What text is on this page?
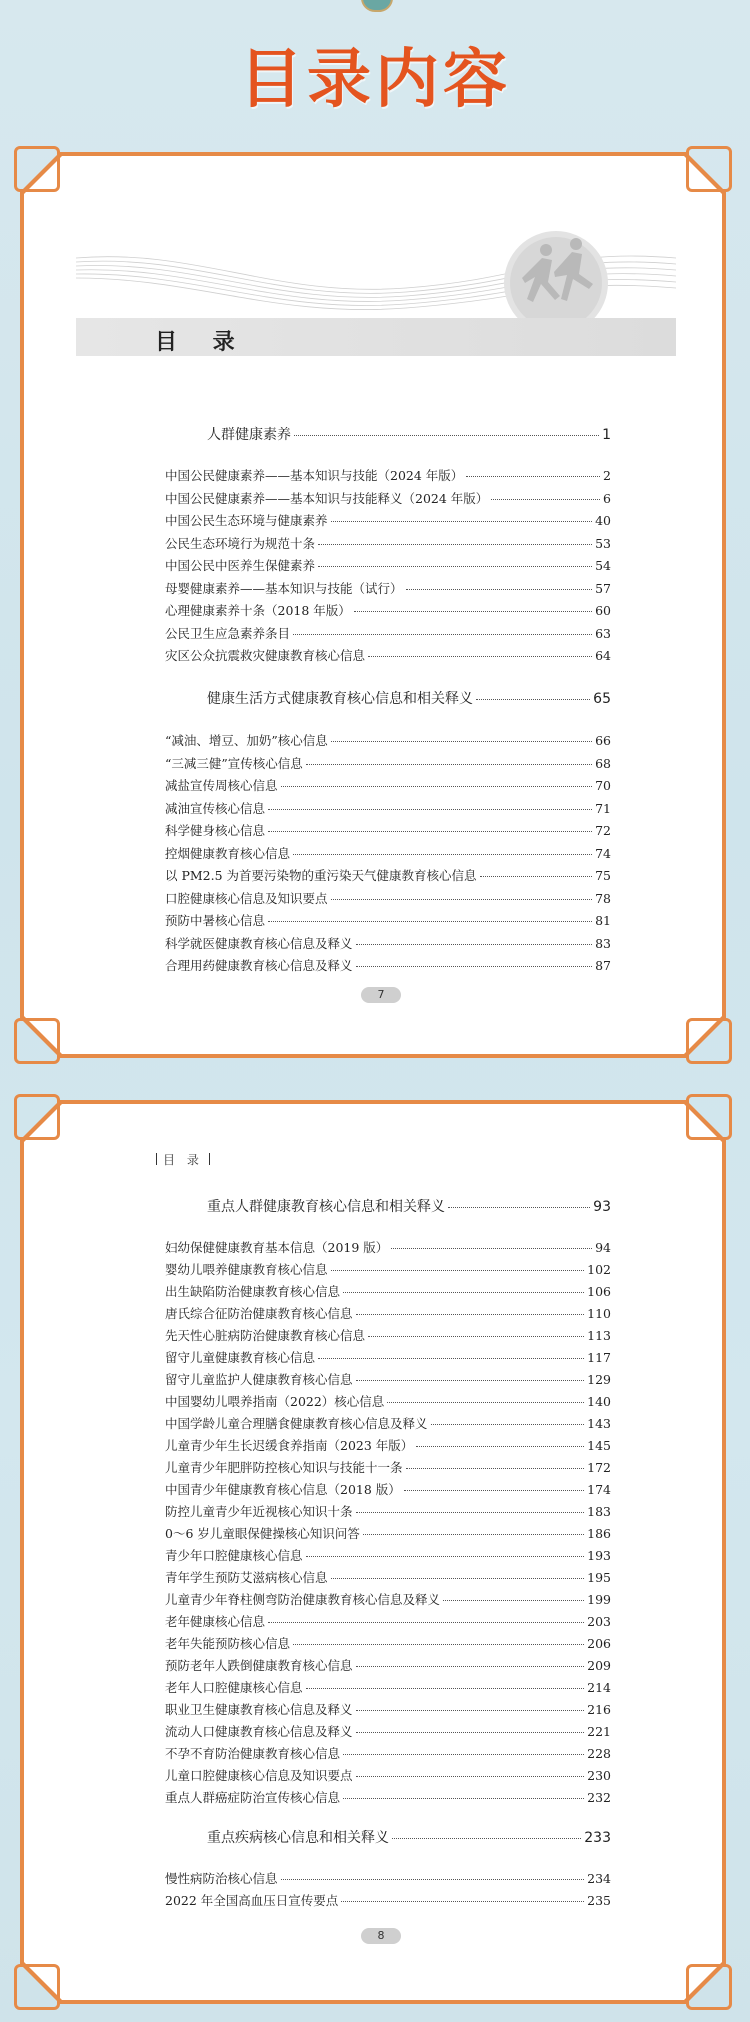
目录内容
目 录
人群健康素养	1
中国公民健康素养——基本知识与技能（2024 年版）	2
中国公民健康素养——基本知识与技能释义（2024 年版）	6
中国公民生态环境与健康素养	40
公民生态环境行为规范十条	53
中国公民中医养生保健素养	54
母婴健康素养——基本知识与技能（试行）	57
心理健康素养十条（2018 年版）	60
公民卫生应急素养条目	63
灾区公众抗震救灾健康教育核心信息	64
健康生活方式健康教育核心信息和相关释义	65
“减油、增豆、加奶”核心信息	66
“三减三健”宣传核心信息	68
减盐宣传周核心信息	70
减油宣传核心信息	71
科学健身核心信息	72
控烟健康教育核心信息	74
以 PM2.5 为首要污染物的重污染天气健康教育核心信息	75
口腔健康核心信息及知识要点	78
预防中暑核心信息	81
科学就医健康教育核心信息及释义	83
合理用药健康教育核心信息及释义	87
7
目 录
重点人群健康教育核心信息和相关释义	93
妇幼保健健康教育基本信息（2019 版）	94
婴幼儿喂养健康教育核心信息	102
出生缺陷防治健康教育核心信息	106
唐氏综合征防治健康教育核心信息	110
先天性心脏病防治健康教育核心信息	113
留守儿童健康教育核心信息	117
留守儿童监护人健康教育核心信息	129
中国婴幼儿喂养指南（2022）核心信息	140
中国学龄儿童合理膳食健康教育核心信息及释义	143
儿童青少年生长迟缓食养指南（2023 年版）	145
儿童青少年肥胖防控核心知识与技能十一条	172
中国青少年健康教育核心信息（2018 版）	174
防控儿童青少年近视核心知识十条	183
0～6 岁儿童眼保健操核心知识问答	186
青少年口腔健康核心信息	193
青年学生预防艾滋病核心信息	195
儿童青少年脊柱侧弯防治健康教育核心信息及释义	199
老年健康核心信息	203
老年失能预防核心信息	206
预防老年人跌倒健康教育核心信息	209
老年人口腔健康核心信息	214
职业卫生健康教育核心信息及释义	216
流动人口健康教育核心信息及释义	221
不孕不育防治健康教育核心信息	228
儿童口腔健康核心信息及知识要点	230
重点人群癌症防治宣传核心信息	232
重点疾病核心信息和相关释义	233
慢性病防治核心信息	234
2022 年全国高血压日宣传要点	235
8
